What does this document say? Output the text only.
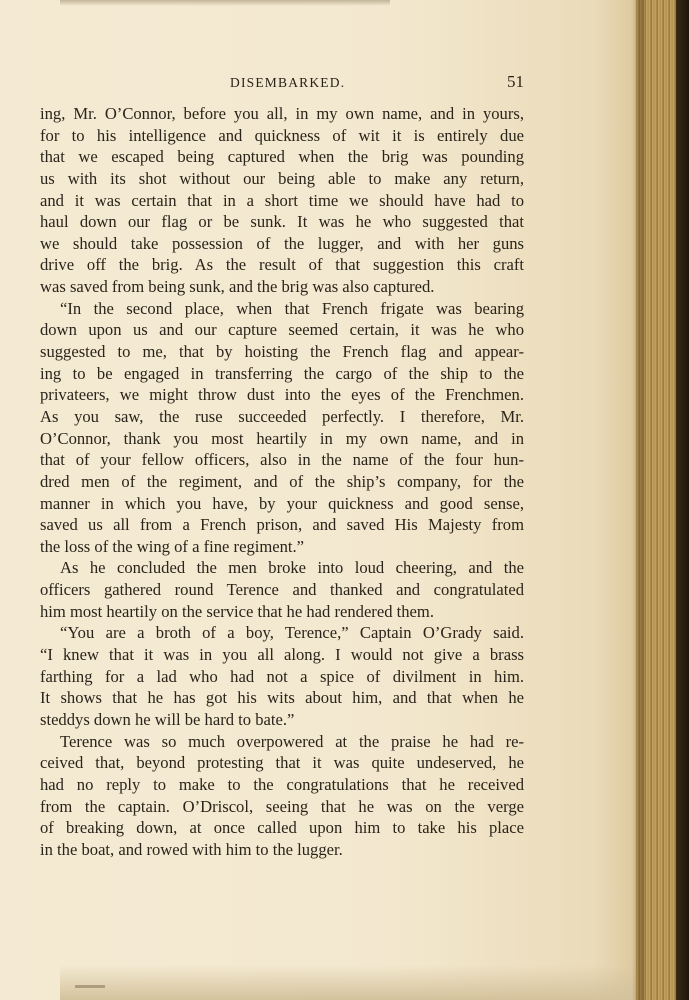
DISEMBARKED.	51
ing, Mr. O’Connor, before you all, in my own name, and in yours,
for to his intelligence and quickness of wit it is entirely due
that we escaped being captured when the brig was pounding
us with its shot without our being able to make any return,
and it was certain that in a short time we should have had to
haul down our flag or be sunk. It was he who suggested that
we should take possession of the lugger, and with her guns
drive off the brig. As the result of that suggestion this craft
was saved from being sunk, and the brig was also captured.
“In the second place, when that French frigate was bearing
down upon us and our capture seemed certain, it was he who
suggested to me, that by hoisting the French flag and appear-
ing to be engaged in transferring the cargo of the ship to the
privateers, we might throw dust into the eyes of the Frenchmen.
As you saw, the ruse succeeded perfectly. I therefore, Mr.
O’Connor, thank you most heartily in my own name, and in
that of your fellow officers, also in the name of the four hun-
dred men of the regiment, and of the ship’s company, for the
manner in which you have, by your quickness and good sense,
saved us all from a French prison, and saved His Majesty from
the loss of the wing of a fine regiment.”
As he concluded the men broke into loud cheering, and the
officers gathered round Terence and thanked and congratulated
him most heartily on the service that he had rendered them.
“You are a broth of a boy, Terence,” Captain O’Grady said.
“I knew that it was in you all along. I would not give a brass
farthing for a lad who had not a spice of divilment in him.
It shows that he has got his wits about him, and that when he
steddys down he will be hard to bate.”
Terence was so much overpowered at the praise he had re-
ceived that, beyond protesting that it was quite undeserved, he
had no reply to make to the congratulations that he received
from the captain. O’Driscol, seeing that he was on the verge
of breaking down, at once called upon him to take his place
in the boat, and rowed with him to the lugger.
